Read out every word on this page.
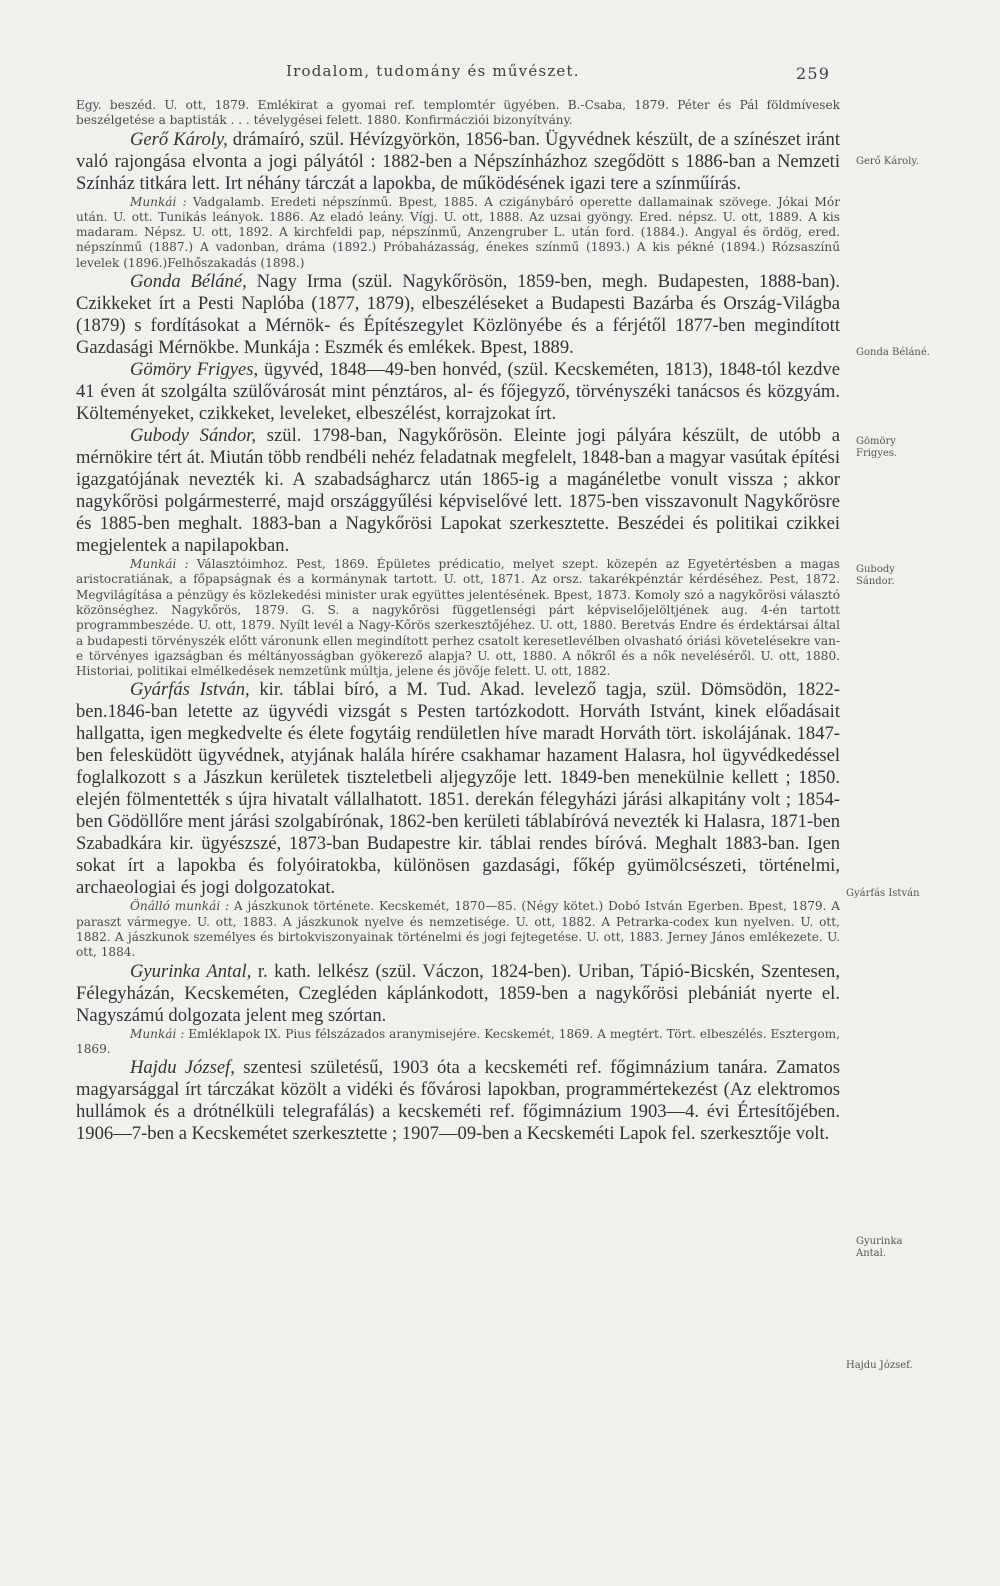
Irodalom, tudomány és művészet.	259

Egy. beszéd. U. ott, 1879. Emlékirat a gyomai ref. templomtér ügyében. B.-Csaba, 1879. Péter és Pál földmívesek beszélgetése a baptisták . . . tévelygései felett. 1880. Konfirmácziói bizonyítvány.

Gerő Károly, drámaíró, szül. Hévízgyörkön, 1856-ban. Ügyvédnek készült, de a színészet iránt való rajongása elvonta a jogi pályától : 1882-ben a Népszínházhoz szegődött s 1886-ban a Nemzeti Színház titkára lett. Irt néhány tárczát a lapokba, de működésének igazi tere a színműírás.

Munkái : Vadgalamb. Eredeti népszínmű. Bpest, 1885. A czigánybáró operette dallamainak szövege. Jókai Mór után. U. ott. Tunikás leányok. 1886. Az eladó leány. Vígj. U. ott, 1888. Az uzsai gyöngy. Ered. népsz. U. ott, 1889. A kis madaram. Népsz. U. ott, 1892. A kirchfeldi pap, népszínmű, Anzengruber L. után ford. (1884.). Angyal és ördög, ered. népszínmű (1887.) A vadonban, dráma (1892.) Próbaházasság, énekes színmű (1893.) A kis pékné (1894.) Rózsaszínű levelek (1896.)Felhőszakadás (1898.)

Gonda Béláné, Nagy Irma (szül. Nagykőrösön, 1859-ben, megh. Budapesten, 1888-ban). Czikkeket írt a Pesti Naplóba (1877, 1879), elbeszéléseket a Budapesti Bazárba és Ország-Világba (1879) s fordításokat a Mérnök- és Építészegylet Közlönyébe és a férjétől 1877-ben megindított Gazdasági Mérnökbe. Munkája : Eszmék és emlékek. Bpest, 1889.

Gömöry Frigyes, ügyvéd, 1848—49-ben honvéd, (szül. Kecskeméten, 1813), 1848-tól kezdve 41 éven át szolgálta szülővárosát mint pénztáros, al- és főjegyző, törvényszéki tanácsos és közgyám. Költeményeket, czikkeket, leveleket, elbeszélést, korrajzokat írt.

Gubody Sándor, szül. 1798-ban, Nagykőrösön. Eleinte jogi pályára készült, de utóbb a mérnökire tért át. Miután több rendbéli nehéz feladatnak megfelelt, 1848-ban a magyar vasútak építési igazgatójának nevezték ki. A szabadságharcz után 1865-ig a magánéletbe vonult vissza ; akkor nagykőrösi polgármesterré, majd országgyűlési képviselővé lett. 1875-ben visszavonult Nagykőrösre és 1885-ben meghalt. 1883-ban a Nagykőrösi Lapokat szerkesztette. Beszédei és politikai czikkei megjelentek a napilapokban.

Munkái : Választóimhoz. Pest, 1869. Épületes prédicatio, melyet szept. közepén az Egyetértésben a magas aristocratiának, a főpapságnak és a kormánynak tartott. U. ott, 1871. Az orsz. takarékpénztár kérdéséhez. Pest, 1872. Megvilágítása a pénzügy és közlekedési minister urak együttes jelentésének. Bpest, 1873. Komoly szó a nagykőrösi választó közönséghez. Nagykőrös, 1879. G. S. a nagykőrösi függetlenségi párt képviselőjelöltjének aug. 4-én tartott programmbeszéde. U. ott, 1879. Nyílt levél a Nagy-Kőrös szerkesztőjéhez. U. ott, 1880. Beretvás Endre és érdektársai által a budapesti törvényszék előtt váronunk ellen megindított perhez csatolt keresetlevélben olvasható óriási követelésekre van-e törvényes igazságban és méltányosságban gyökerező alapja? U. ott, 1880. A nőkről és a nők neveléséről. U. ott, 1880. Historiai, politikai elmélkedések nemzetünk múltja, jelene és jövője felett. U. ott, 1882.

Gyárfás István, kir. táblai bíró, a M. Tud. Akad. levelező tagja, szül. Dömsödön, 1822-ben.1846-ban letette az ügyvédi vizsgát s Pesten tartózkodott. Horváth Istvánt, kinek előadásait hallgatta, igen megkedvelte és élete fogytáig rendületlen híve maradt Horváth tört. iskolájának. 1847-ben felesküdött ügyvédnek, atyjának halála hírére csakhamar hazament Halasra, hol ügyvédkedéssel foglalkozott s a Jászkun kerületek tiszteletbeli aljegyzője lett. 1849-ben menekülnie kellett ; 1850. elején fölmentették s újra hivatalt vállalhatott. 1851. derekán félegyházi járási alkapitány volt ; 1854-ben Gödöllőre ment járási szolgabírónak, 1862-ben kerületi táblabíróvá nevezték ki Halasra, 1871-ben Szabadkára kir. ügyészszé, 1873-ban Budapestre kir. táblai rendes bíróvá. Meghalt 1883-ban. Igen sokat írt a lapokba és folyóiratokba, különösen gazdasági, főkép gyümölcsészeti, történelmi, archaeologiai és jogi dolgozatokat.

Önálló munkái : A jászkunok története. Kecskemét, 1870—85. (Négy kötet.) Dobó István Egerben. Bpest, 1879. A paraszt vármegye. U. ott, 1883. A jászkunok nyelve és nemzetisége. U. ott, 1882. A Petrarka-codex kun nyelven. U. ott, 1882. A jászkunok személyes és birtokviszonyainak történelmi és jogi fejtegetése. U. ott, 1883. Jerney János emlékezete. U. ott, 1884.

Gyurinka Antal, r. kath. lelkész (szül. Váczon, 1824-ben). Uriban, Tápió-Bicskén, Szentesen, Félegyházán, Kecskeméten, Czegléden káplánkodott, 1859-ben a nagykőrösi plebániát nyerte el. Nagyszámú dolgozata jelent meg szórtan.

Munkái : Emléklapok IX. Pius félszázados aranymisejére. Kecskemét, 1869. A megtért. Tört. elbeszélés. Esztergom, 1869.

Hajdu József, szentesi születésű, 1903 óta a kecskeméti ref. főgimnázium tanára. Zamatos magyarsággal írt tárczákat közölt a vidéki és fővárosi lapokban, programmértekezést (Az elektromos hullámok és a drótnélküli telegrafálás) a kecskeméti ref. főgimnázium 1903—4. évi Értesítőjében. 1906—7-ben a Kecskemétet szerkesztette ; 1907—09-ben a Kecskeméti Lapok fel. szerkesztője volt.

Gerő Károly.
Gonda Béláné.
Gömöry Frigyes.
Gubody Sándor.
Gyárfás István
Gyurinka Antal.
Hajdu József.
